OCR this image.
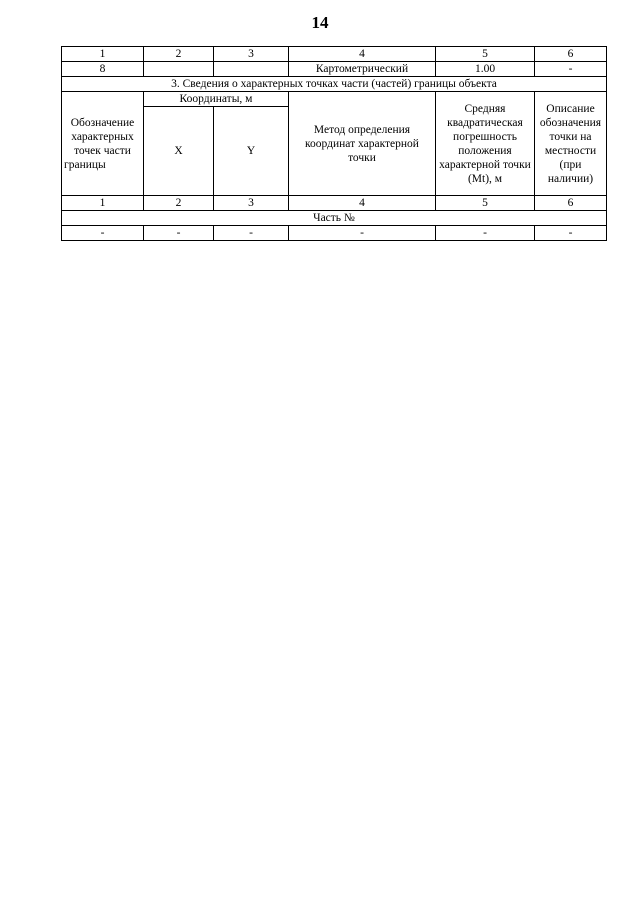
14
1	2	3	4	5	6
8			Картометрический	1.00	-
3. Сведения о характерных точках части (частей) границы объекта					
Обозначение характерных точек части границы	Координаты, м		Метод определения координат характерной точки	Средняя квадратическая погрешность положения характерной точки (Mt), м	Описание обозначения точки на местности (при наличии)
	X	Y			
1	2	3	4	5	6
Часть №					
-	-	-	-	-	-
